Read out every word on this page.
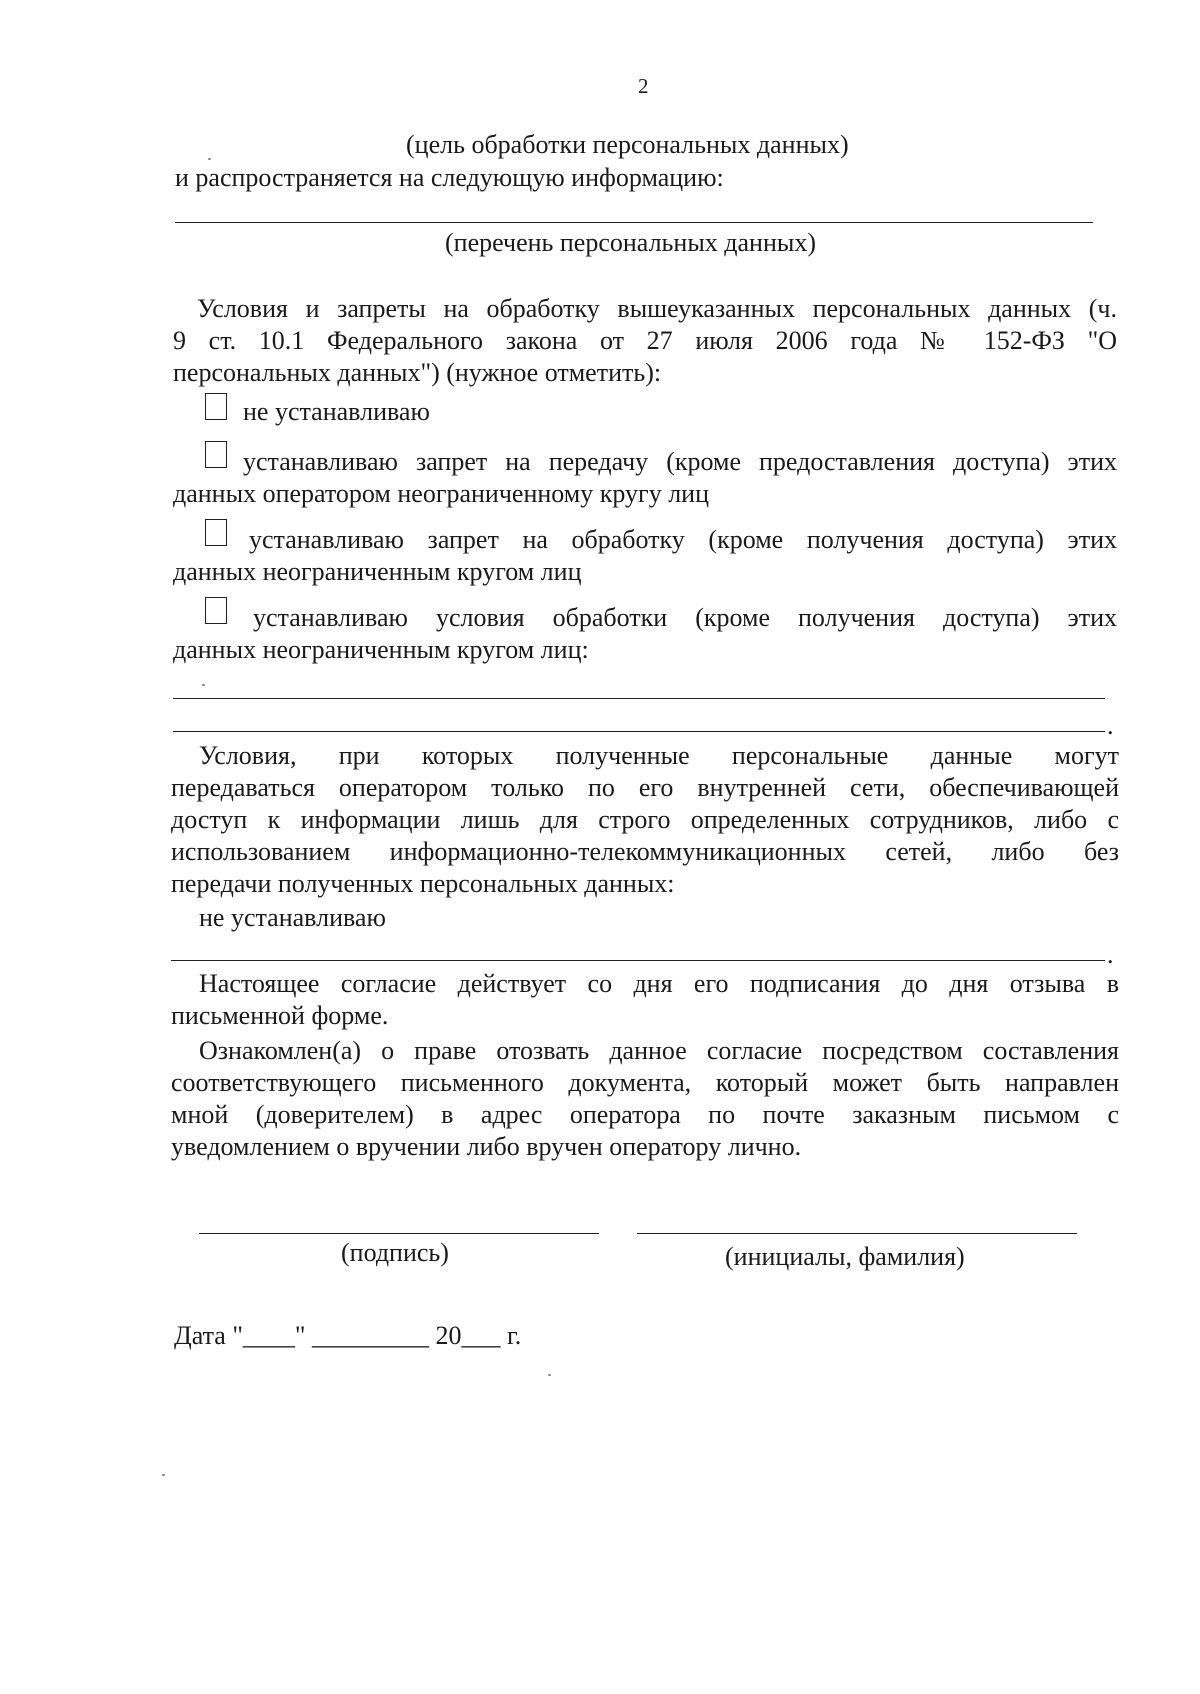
2
(цель обработки персональных данных)
и распространяется на следующую информацию:
(перечень персональных данных)
Условия и запреты на обработку вышеуказанных персональных данных (ч.
9 ст. 10.1 Федерального закона от 27 июля 2006 года № 152-ФЗ "О
персональных данных") (нужное отметить):
не устанавливаю
устанавливаю запрет на передачу (кроме предоставления доступа) этих
данных оператором неограниченному кругу лиц
устанавливаю запрет на обработку (кроме получения доступа) этих
данных неограниченным кругом лиц
устанавливаю условия обработки (кроме получения доступа) этих
данных неограниченным кругом лиц:
.
Условия, при которых полученные персональные данные могут
передаваться оператором только по его внутренней сети, обеспечивающей
доступ к информации лишь для строго определенных сотрудников, либо с
использованием информационно-телекоммуникационных сетей, либо без
передачи полученных персональных данных:
не устанавливаю
.
Настоящее согласие действует со дня его подписания до дня отзыва в
письменной форме.
Ознакомлен(а) о праве отозвать данное согласие посредством составления
соответствующего письменного документа, который может быть направлен
мной (доверителем) в адрес оператора по почте заказным письмом с
уведомлением о вручении либо вручен оператору лично.
(подпись)	(инициалы, фамилия)
Дата "____" _________ 20___ г.
